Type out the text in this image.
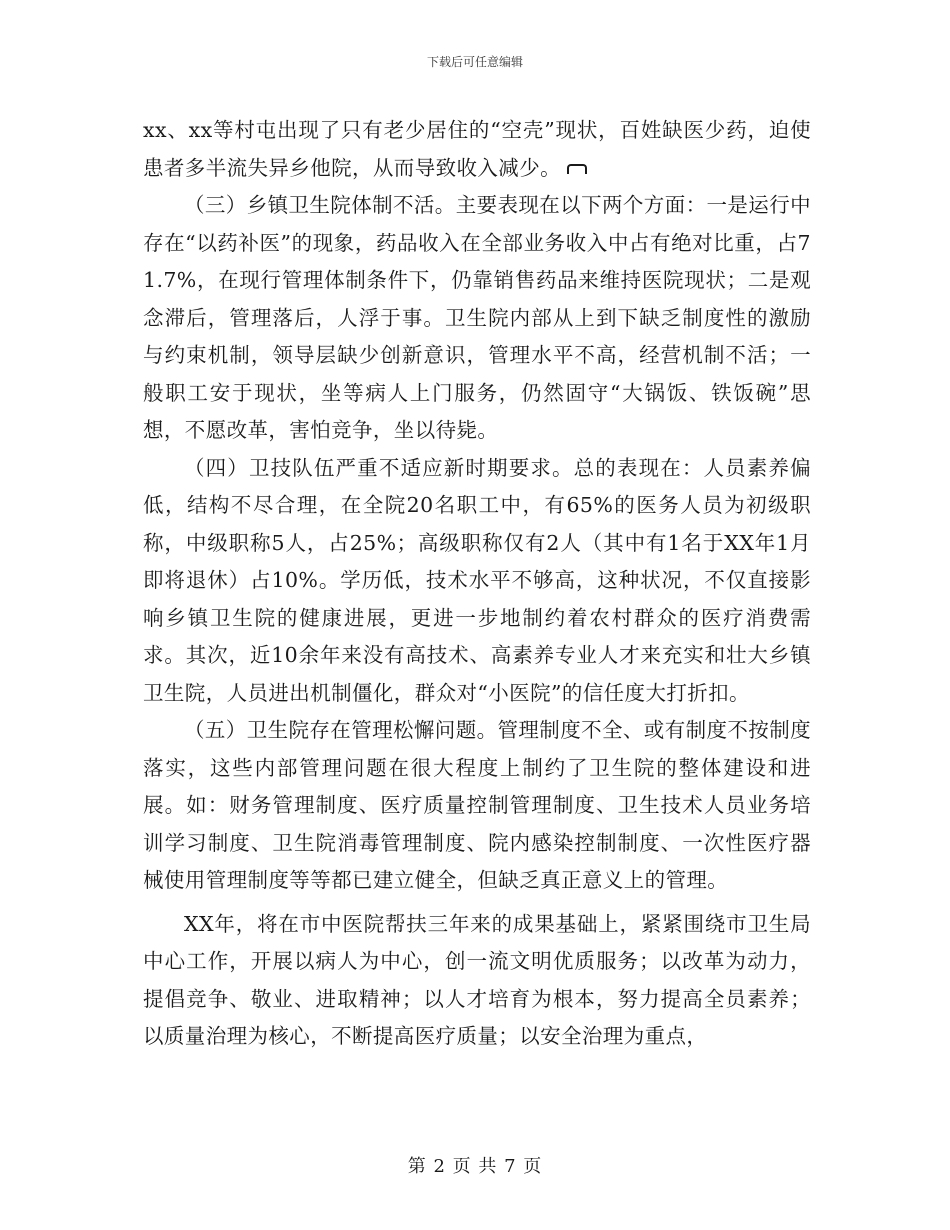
下载后可任意编辑

xx、xx等村屯出现了只有老少居住的“空壳”现状，百姓缺医少药，迫使患者多半流失异乡他院，从而导致收入减少。

（三）乡镇卫生院体制不活。主要表现在以下两个方面：一是运行中存在“以药补医”的现象，药品收入在全部业务收入中占有绝对比重，占71.7%，在现行管理体制条件下，仍靠销售药品来维持医院现状；二是观念滞后，管理落后，人浮于事。卫生院内部从上到下缺乏制度性的激励与约束机制，领导层缺少创新意识，管理水平不高，经营机制不活；一般职工安于现状，坐等病人上门服务，仍然固守“大锅饭、铁饭碗”思想，不愿改革，害怕竞争，坐以待毙。

（四）卫技队伍严重不适应新时期要求。总的表现在：人员素养偏低，结构不尽合理，在全院20名职工中，有65%的医务人员为初级职称，中级职称5人，占25%；高级职称仅有2人（其中有1名于XX年1月即将退休）占10%。学历低，技术水平不够高，这种状况，不仅直接影响乡镇卫生院的健康进展，更进一步地制约着农村群众的医疗消费需求。其次，近10余年来没有高技术、高素养专业人才来充实和壮大乡镇卫生院，人员进出机制僵化，群众对“小医院”的信任度大打折扣。

（五）卫生院存在管理松懈问题。管理制度不全、或有制度不按制度落实，这些内部管理问题在很大程度上制约了卫生院的整体建设和进展。如：财务管理制度、医疗质量控制管理制度、卫生技术人员业务培训学习制度、卫生院消毒管理制度、院内感染控制制度、一次性医疗器械使用管理制度等等都已建立健全，但缺乏真正意义上的管理。

XX年，将在市中医院帮扶三年来的成果基础上，紧紧围绕市卫生局中心工作，开展以病人为中心，创一流文明优质服务；以改革为动力，提倡竞争、敬业、进取精神；以人才培育为根本，努力提高全员素养；以质量治理为核心，不断提高医疗质量；以安全治理为重点，

第 2 页 共 7 页
